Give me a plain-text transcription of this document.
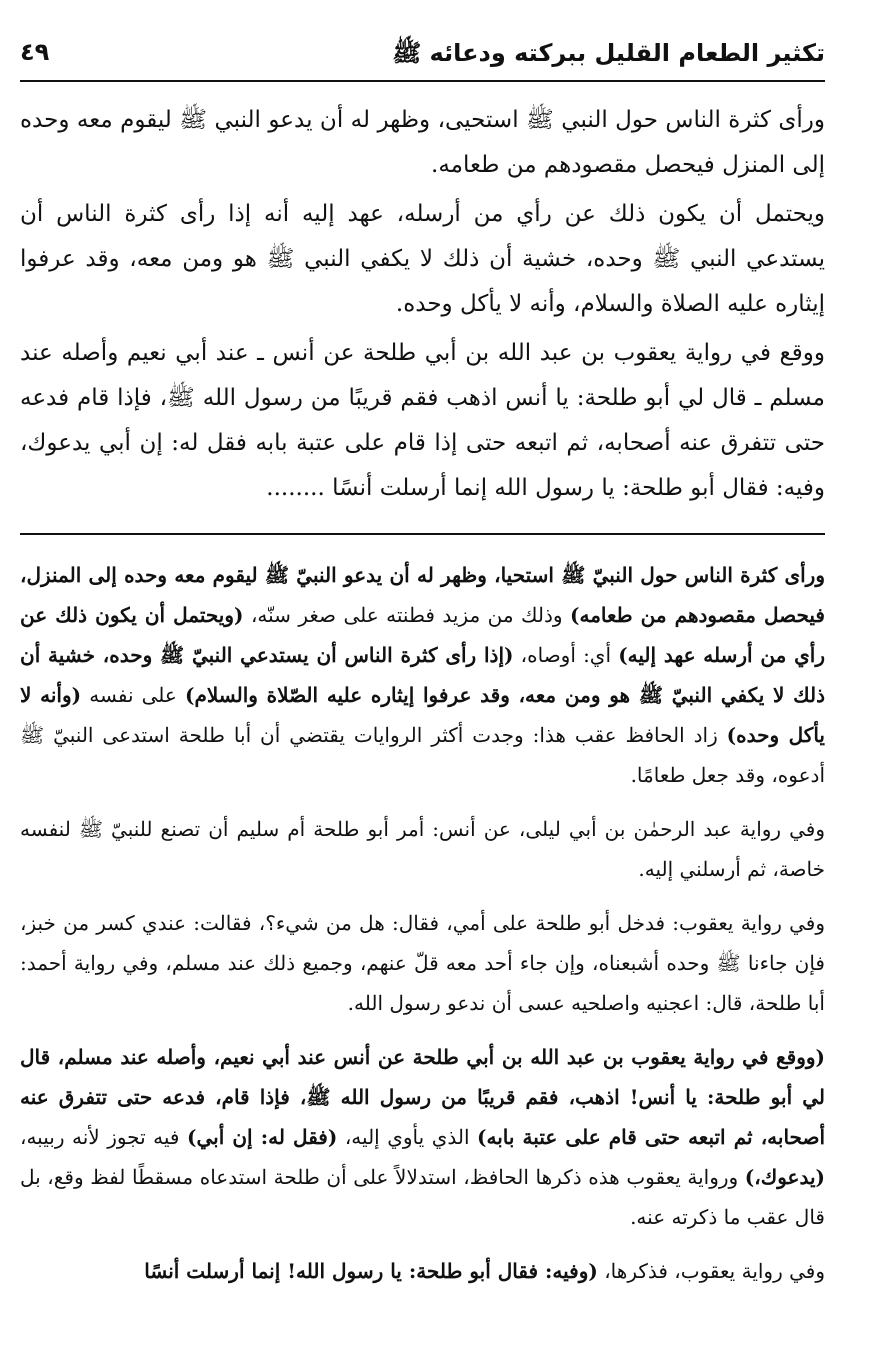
تكثير الطعام القليل ببركته ودعائه ﷺ
٤٩

ورأى كثرة الناس حول النبي ﷺ استحيى، وظهر له أن يدعو النبي ﷺ ليقوم معه وحده إلى المنزل فيحصل مقصودهم من طعامه.

ويحتمل أن يكون ذلك عن رأي من أرسله، عهد إليه أنه إذا رأى كثرة الناس أن يستدعي النبي ﷺ وحده، خشية أن ذلك لا يكفي النبي ﷺ هو ومن معه، وقد عرفوا إيثاره عليه الصلاة والسلام، وأنه لا يأكل وحده.

ووقع في رواية يعقوب بن عبد الله بن أبي طلحة عن أنس ـ عند أبي نعيم وأصله عند مسلم ـ قال لي أبو طلحة: يا أنس اذهب فقم قريبًا من رسول الله ﷺ، فإذا قام فدعه حتى تتفرق عنه أصحابه، ثم اتبعه حتى إذا قام على عتبة بابه فقل له: إن أبي يدعوك، وفيه: فقال أبو طلحة: يا رسول الله إنما أرسلت أنسًا ........

ورأى كثرة الناس حول النبيّ ﷺ استحيا، وظهر له أن يدعو النبيّ ﷺ ليقوم معه وحده إلى المنزل، فيحصل مقصودهم من طعامه) وذلك من مزيد فطنته على صغر سنّه، (ويحتمل أن يكون ذلك عن رأي من أرسله عهد إليه) أي: أوصاه، (إذا رأى كثرة الناس أن يستدعي النبيّ ﷺ وحده، خشية أن ذلك لا يكفي النبيّ ﷺ هو ومن معه، وقد عرفوا إيثاره عليه الصّلاة والسلام) على نفسه (وأنه لا يأكل وحده) زاد الحافظ عقب هذا: وجدت أكثر الروايات يقتضي أن أبا طلحة استدعى النبيّ ﷺ أدعوه، وقد جعل طعامًا.

وفي رواية عبد الرحمٰن بن أبي ليلى، عن أنس: أمر أبو طلحة أم سليم أن تصنع للنبيّ ﷺ لنفسه خاصة، ثم أرسلني إليه.

وفي رواية يعقوب: فدخل أبو طلحة على أمي، فقال: هل من شيء؟، فقالت: عندي كسر من خبز، فإن جاءنا ﷺ وحده أشبعناه، وإن جاء أحد معه قلّ عنهم، وجميع ذلك عند مسلم، وفي رواية أحمد: أبا طلحة، قال: اعجنيه واصلحيه عسى أن ندعو رسول الله.

(ووقع في رواية يعقوب بن عبد الله بن أبي طلحة عن أنس عند أبي نعيم، وأصله عند مسلم، قال لي أبو طلحة: يا أنس! اذهب، فقم قريبًا من رسول الله ﷺ، فإذا قام، فدعه حتى تتفرق عنه أصحابه، ثم اتبعه حتى قام على عتبة بابه) الذي يأوي إليه، (فقل له: إن أبي) فيه تجوز لأنه ربيبه، (يدعوك،) ورواية يعقوب هذه ذكرها الحافظ، استدلالاً على أن طلحة استدعاه مسقطًا لفظ وقع، بل قال عقب ما ذكرته عنه.

وفي رواية يعقوب، فذكرها، (وفيه: فقال أبو طلحة: يا رسول الله! إنما أرسلت أنسًا
